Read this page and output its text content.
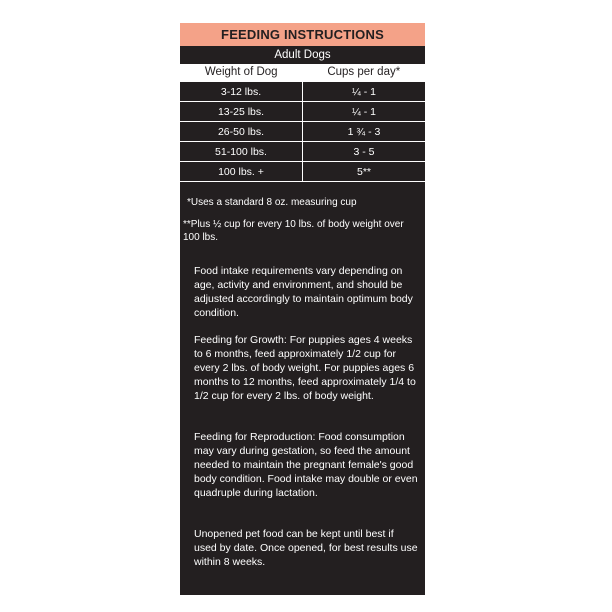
FEEDING INSTRUCTIONS
Adult Dogs
Weight of Dog	Cups per day*
3-12 lbs.	¼ - 1
13-25 lbs.	¼ - 1
26-50 lbs.	1 ¾ - 3
51-100 lbs.	3 - 5
100 lbs. +	5**
*Uses a standard 8 oz. measuring cup
**Plus ½ cup for every 10 lbs. of body weight over 100 lbs.

Food intake requirements vary depending on age, activity and environment, and should be adjusted accordingly to maintain optimum body condition.

Feeding for Growth: For puppies ages 4 weeks to 6 months, feed approximately 1/2 cup for every 2 lbs. of body weight. For puppies ages 6 months to 12 months, feed approximately 1/4 to 1/2 cup for every 2 lbs. of body weight.

Feeding for Reproduction: Food consumption may vary during gestation, so feed the amount needed to maintain the pregnant female's good body condition. Food intake may double or even quadruple during lactation.

Unopened pet food can be kept until best if used by date. Once opened, for best results use within 8 weeks.
